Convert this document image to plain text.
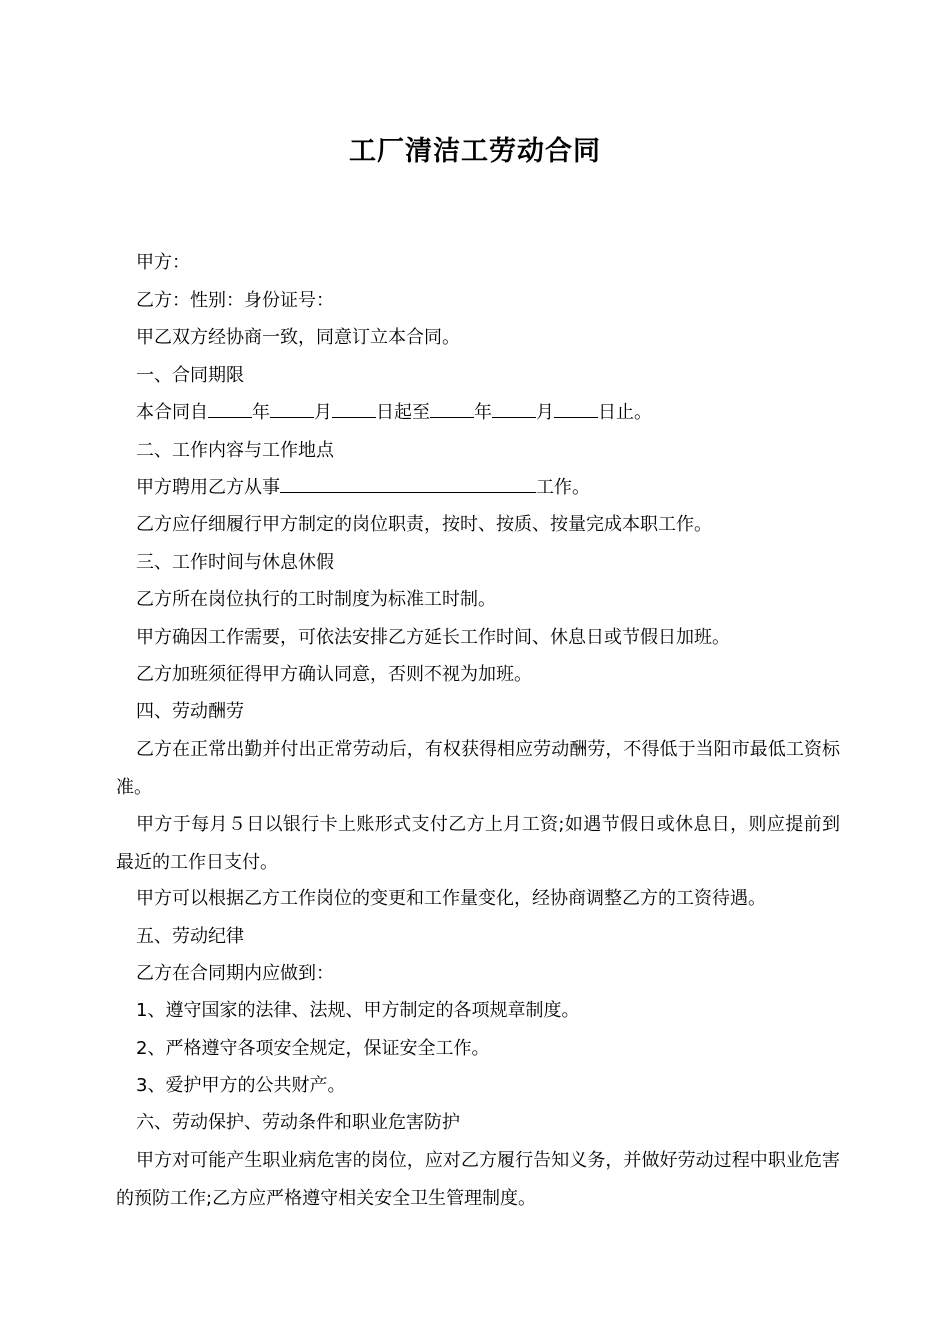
工厂清洁工劳动合同
甲方：
乙方：性别：身份证号：
甲乙双方经协商一致，同意订立本合同。
一、合同期限
本合同自 年 月 日起至 年 月 日止。
二、工作内容与工作地点
甲方聘用乙方从事	工作。
乙方应仔细履行甲方制定的岗位职责，按时、按质、按量完成本职工作。
三、工作时间与休息休假
乙方所在岗位执行的工时制度为标准工时制。
甲方确因工作需要，可依法安排乙方延长工作时间、休息日或节假日加班。
乙方加班须征得甲方确认同意，否则不视为加班。
四、劳动酬劳
乙方在正常出勤并付出正常劳动后，有权获得相应劳动酬劳，不得低于当阳市最低工资标准。
甲方于每月５日以银行卡上账形式支付乙方上月工资;如遇节假日或休息日，则应提前到最近的工作日支付。
甲方可以根据乙方工作岗位的变更和工作量变化，经协商调整乙方的工资待遇。
五、劳动纪律
乙方在合同期内应做到：
1、遵守国家的法律、法规、甲方制定的各项规章制度。
2、严格遵守各项安全规定，保证安全工作。
3、爱护甲方的公共财产。
六、劳动保护、劳动条件和职业危害防护
甲方对可能产生职业病危害的岗位，应对乙方履行告知义务，并做好劳动过程中职业危害的预防工作;乙方应严格遵守相关安全卫生管理制度。
